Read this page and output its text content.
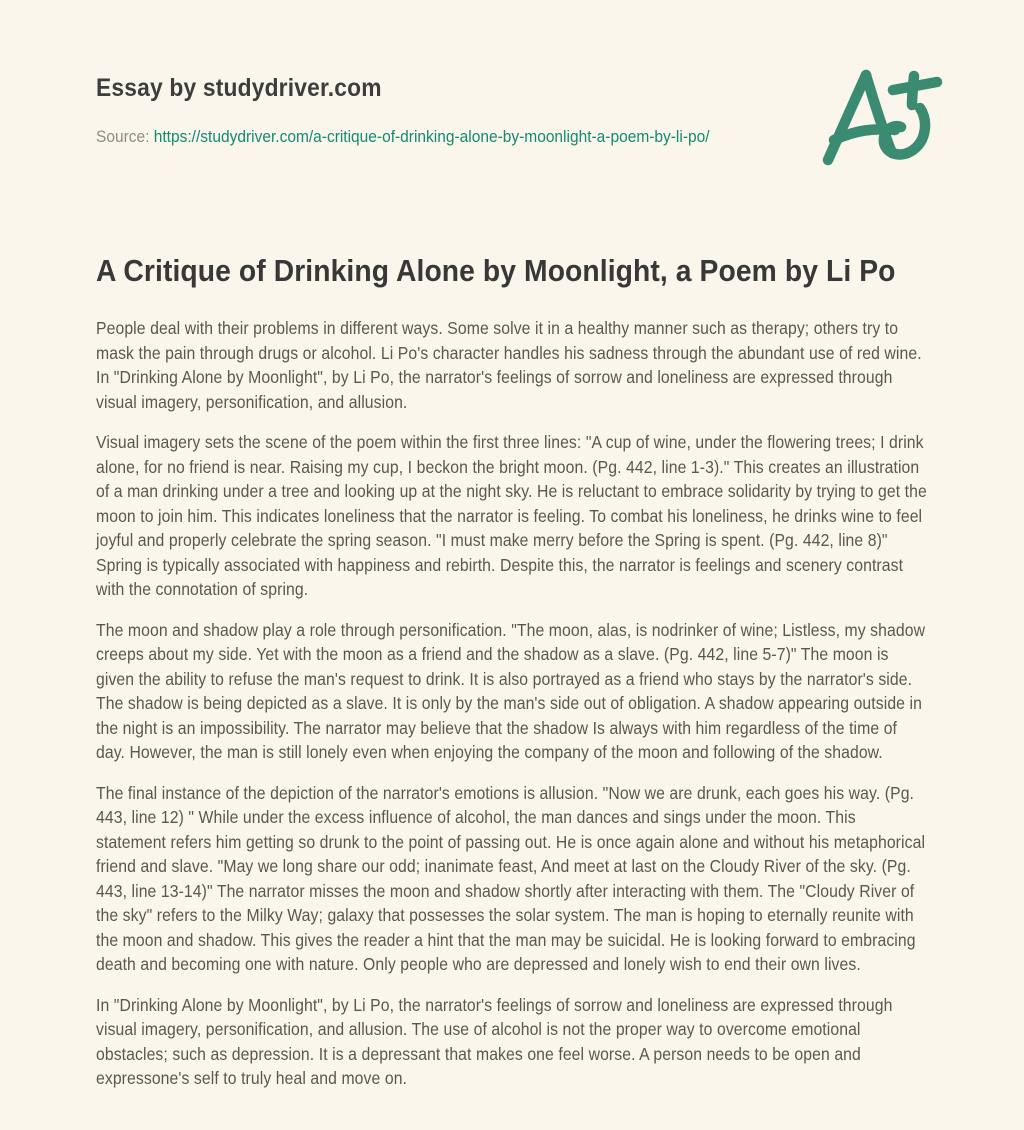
Essay by studydriver.com
Source: https://studydriver.com/a-critique-of-drinking-alone-by-moonlight-a-poem-by-li-po/
A Critique of Drinking Alone by Moonlight, a Poem by Li Po

People deal with their problems in different ways. Some solve it in a healthy manner such as therapy; others try to mask the pain through drugs or alcohol. Li Po's character handles his sadness through the abundant use of red wine. In "Drinking Alone by Moonlight", by Li Po, the narrator's feelings of sorrow and loneliness are expressed through visual imagery, personification, and allusion.

Visual imagery sets the scene of the poem within the first three lines: "A cup of wine, under the flowering trees; I drink alone, for no friend is near. Raising my cup, I beckon the bright moon. (Pg. 442, line 1-3)." This creates an illustration of a man drinking under a tree and looking up at the night sky. He is reluctant to embrace solidarity by trying to get the moon to join him. This indicates loneliness that the narrator is feeling. To combat his loneliness, he drinks wine to feel joyful and properly celebrate the spring season. "I must make merry before the Spring is spent. (Pg. 442, line 8)" Spring is typically associated with happiness and rebirth. Despite this, the narrator is feelings and scenery contrast with the connotation of spring.

The moon and shadow play a role through personification. "The moon, alas, is nodrinker of wine; Listless, my shadow creeps about my side. Yet with the moon as a friend and the shadow as a slave. (Pg. 442, line 5-7)" The moon is given the ability to refuse the man's request to drink. It is also portrayed as a friend who stays by the narrator's side. The shadow is being depicted as a slave. It is only by the man's side out of obligation. A shadow appearing outside in the night is an impossibility. The narrator may believe that the shadow Is always with him regardless of the time of day. However, the man is still lonely even when enjoying the company of the moon and following of the shadow.

The final instance of the depiction of the narrator's emotions is allusion. "Now we are drunk, each goes his way. (Pg. 443, line 12) " While under the excess influence of alcohol, the man dances and sings under the moon. This statement refers him getting so drunk to the point of passing out. He is once again alone and without his metaphorical friend and slave. "May we long share our odd; inanimate feast, And meet at last on the Cloudy River of the sky. (Pg. 443, line 13-14)" The narrator misses the moon and shadow shortly after interacting with them. The "Cloudy River of the sky" refers to the Milky Way; galaxy that possesses the solar system. The man is hoping to eternally reunite with the moon and shadow. This gives the reader a hint that the man may be suicidal. He is looking forward to embracing death and becoming one with nature. Only people who are depressed and lonely wish to end their own lives.

In "Drinking Alone by Moonlight", by Li Po, the narrator's feelings of sorrow and loneliness are expressed through visual imagery, personification, and allusion. The use of alcohol is not the proper way to overcome emotional obstacles; such as depression. It is a depressant that makes one feel worse. A person needs to be open and expressone's self to truly heal and move on.
